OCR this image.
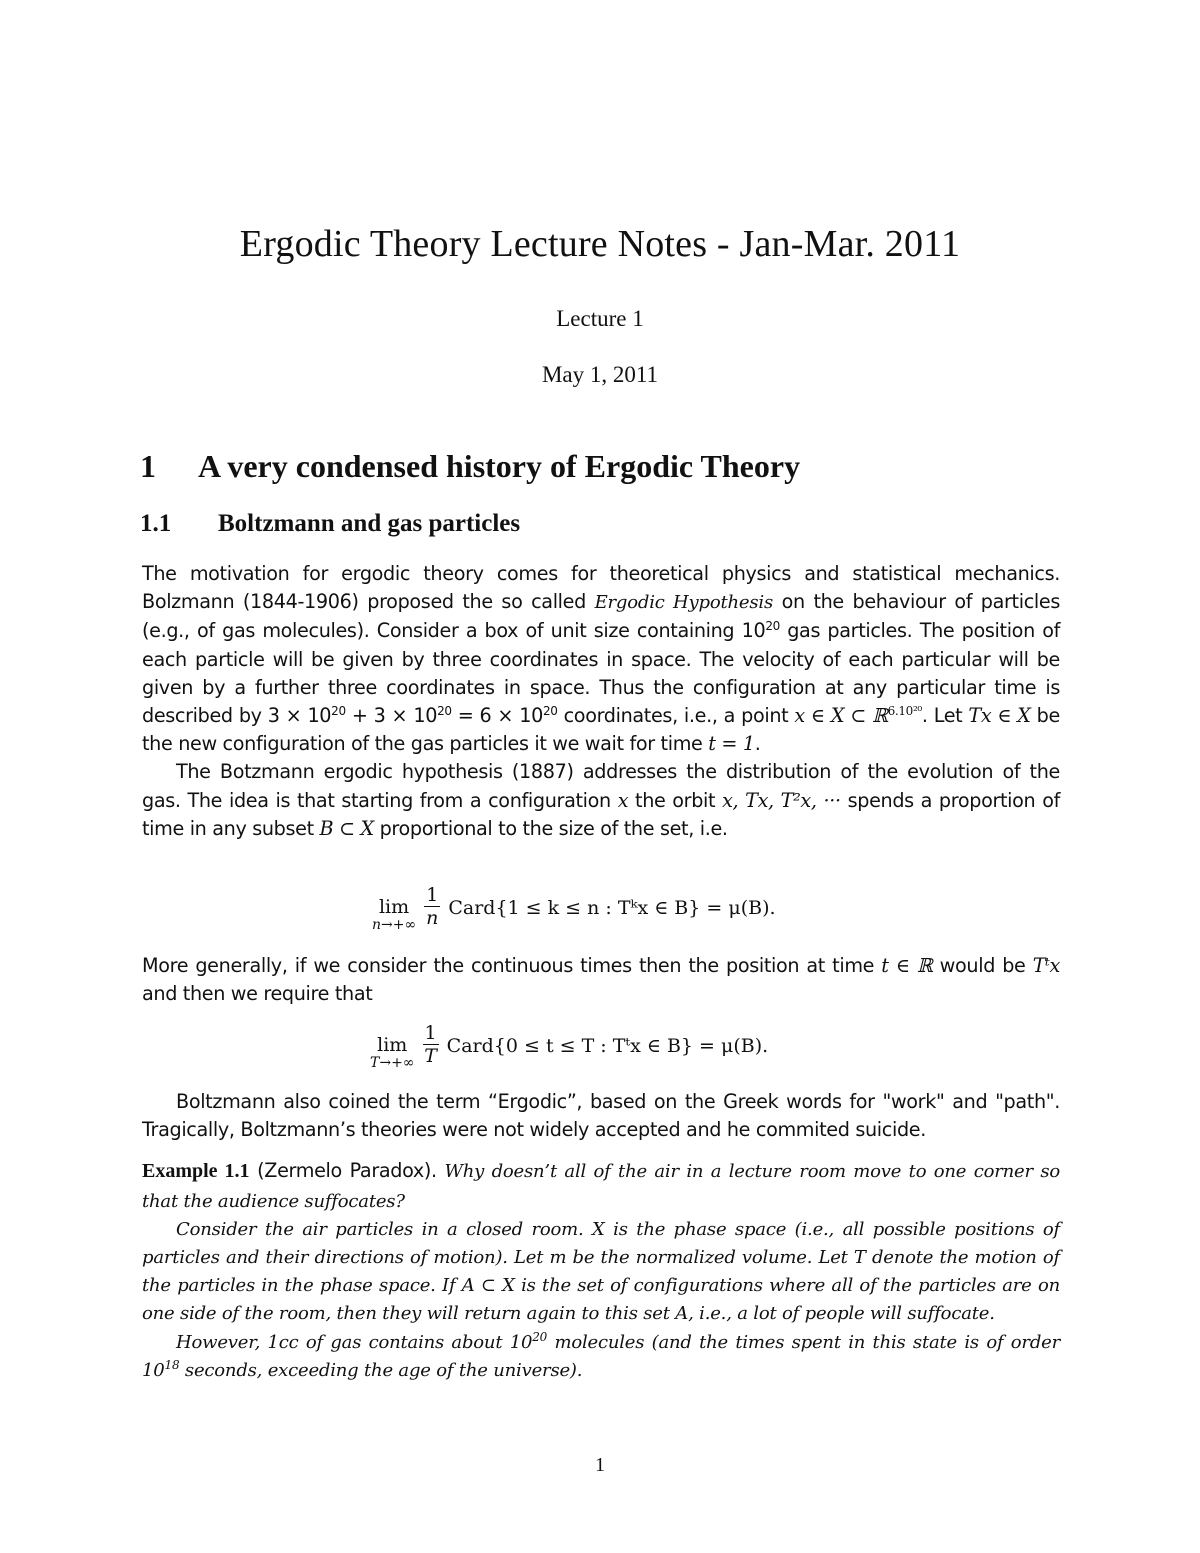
Ergodic Theory Lecture Notes - Jan-Mar. 2011
Lecture 1
May 1, 2011
1 A very condensed history of Ergodic Theory
1.1 Boltzmann and gas particles

The motivation for ergodic theory comes for theoretical physics and statistical mechanics. Bolzmann (1844-1906) proposed the so called Ergodic Hypothesis on the behaviour of particles (e.g., of gas molecules). Consider a box of unit size containing $10^{20}$ gas particles. The position of each particle will be given by three coordinates in space. The velocity of each particular will be given by a further three coordinates in space. Thus the configuration at any particular time is described by $3 \times 10^{20} + 3 \times 10^{20} = 6 \times 10^{20}$ coordinates, i.e., a point x ∈ X ⊂ ℝ$^{6.10^{20}}$. Let Tx ∈ X be the new configuration of the gas particles it we wait for time t = 1.

The Botzmann ergodic hypothesis (1887) addresses the distribution of the evolution of the gas. The idea is that starting from a configuration x the orbit x, Tx, T²x, ··· spends a proportion of time in any subset B ⊂ X proportional to the size of the set, i.e.

lim
n→+∞
$\frac{1}{n}$ Card{1 ≤ k ≤ n : Tᵏx ∈ B} = μ(B).

More generally, if we consider the continuous times then the position at time t ∈ ℝ would be Tᵗx and then we require that

lim
T→+∞
$\frac{1}{T}$ Card{0 ≤ t ≤ T : Tᵗx ∈ B} = μ(B).

Boltzmann also coined the term “Ergodic”, based on the Greek words for "work" and "path". Tragically, Boltzmann’s theories were not widely accepted and he commited suicide.

Example 1.1 (Zermelo Paradox). Why doesn’t all of the air in a lecture room move to one corner so that the audience suffocates?

Consider the air particles in a closed room. X is the phase space (i.e., all possible positions of particles and their directions of motion). Let m be the normalized volume. Let T denote the motion of the particles in the phase space. If A ⊂ X is the set of configurations where all of the particles are on one side of the room, then they will return again to this set A, i.e., a lot of people will suffocate.

However, 1cc of gas contains about $10^{20}$ molecules (and the times spent in this state is of order $10^{18}$ seconds, exceeding the age of the universe).

1
